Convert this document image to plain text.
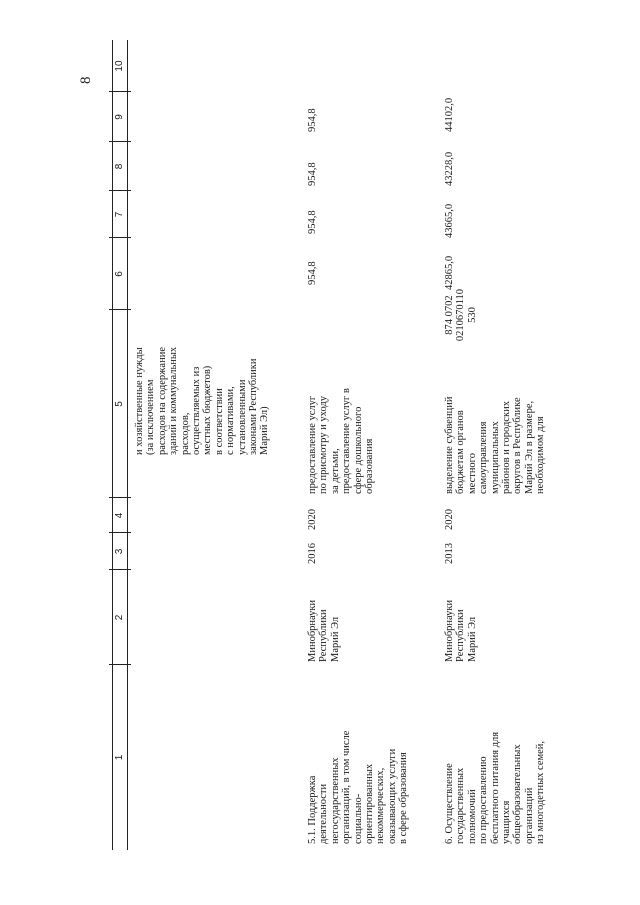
8
1
2
3
4
5
6
7
8
9
10
и хозяйственные нужды
(за исключением
расходов на содержание
зданий и коммунальных
расходов,
осуществляемых из
местных бюджетов)
в соответствии
с нормативами,
установленными
законами Республики
Марий Эл)
5.1. Поддержка
деятельности
негосударственных
организаций, в том числе
социально-
ориентированных
некоммерческих,
оказывающих услуги
в сфере образования
Минобрнауки
Республики
Марий Эл
2016
2020
предоставление услуг
по присмотру и уходу
за детьми,
предоставление услуг в
сфере дошкольного
образования
954,8
954,8
954,8
954,8
6. Осуществление
государственных
полномочий
по предоставлению
бесплатного питания для
учащихся
общеобразовательных
организаций
из многодетных семей,
Минобрнауки
Республики
Марий Эл
2013
2020
выделение субвенций
бюджетам органов
местного
самоуправления
муниципальных
районов и городских
округов в Республике
Марий Эл в размере,
необходимом для
874 0702
0210670110
530
42865,0
43665,0
43228,0
44102,0
